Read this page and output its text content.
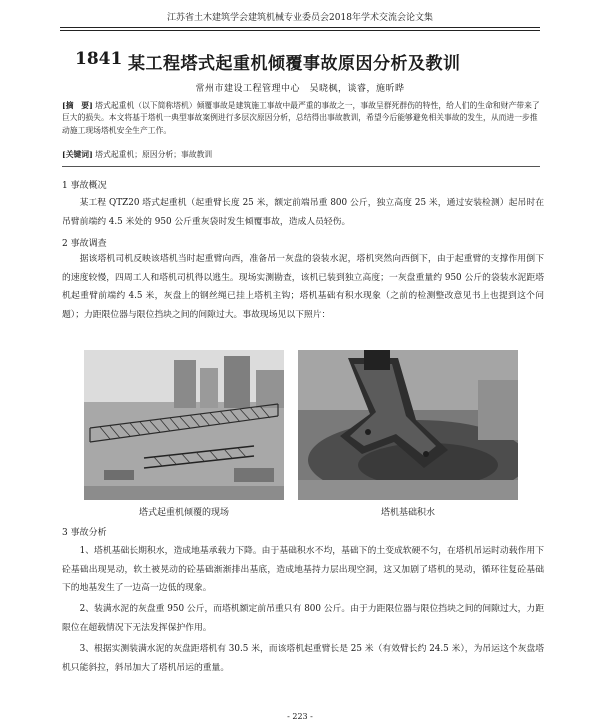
江苏省土木建筑学会建筑机械专业委员会2018年学术交流会论文集
1841 某工程塔式起重机倾覆事故原因分析及教训
常州市建设工程管理中心　吴晓枫，谈睿，施昕晔

[摘　要] 塔式起重机（以下简称塔机）倾覆事故是建筑施工事故中最严重的事故之一，事故呈群死群伤的特性，给人们的生命和财产带来了巨大的损失。本文将基于塔机一典型事故案例进行多层次原因分析，总结得出事故教训，希望今后能够避免相关事故的发生，从而进一步推动施工现场塔机安全生产工作。

[关键词] 塔式起重机；原因分析；事故教训

1 事故概况

某工程 QTZ20 塔式起重机（起重臂长度 25 米，额定前端吊重 800 公斤，独立高度 25 米，通过安装检测）起吊时在吊臂前端约 4.5 米处的 950 公斤重灰袋时发生倾覆事故，造成人员轻伤。

2 事故调查

据该塔机司机反映该塔机当时起重臂向西，准备吊一灰盘的袋装水泥，塔机突然向西倒下，由于起重臂的支撑作用倒下的速度较慢，四周工人和塔机司机得以逃生。现场实测勘查，该机已装到独立高度；一灰盘重量约 950 公斤的袋装水泥距塔机起重臂前端约 4.5 米，灰盘上的钢丝绳已挂上塔机主钩；塔机基础有积水现象（之前的检测整改意见书上也提到这个问题）；力距限位器与限位挡块之间的间隙过大。事故现场见以下照片：

塔式起重机倾覆的现场	塔机基础积水
3 事故分析

1、塔机基础长期积水，造成地基承载力下降。由于基础积水不均，基础下的土变成软硬不匀，在塔机吊运时动载作用下砼基础出现晃动，软土被晃动的砼基础渐渐排出基底，造成地基持力层出现空洞，这又加剧了塔机的晃动，循环往复砼基础下的地基发生了一边高一边低的现象。

2、装满水泥的灰盘重 950 公斤，而塔机额定前吊重只有 800 公斤。由于力距限位器与限位挡块之间的间隙过大，力距限位在超载情况下无法发挥保护作用。

3、根据实测装满水泥的灰盘距塔机有 30.5 米，而该塔机起重臂长是 25 米（有效臂长约 24.5 米），为吊运这个灰盘塔机只能斜拉，斜吊加大了塔机吊运的重量。

- 223 -
